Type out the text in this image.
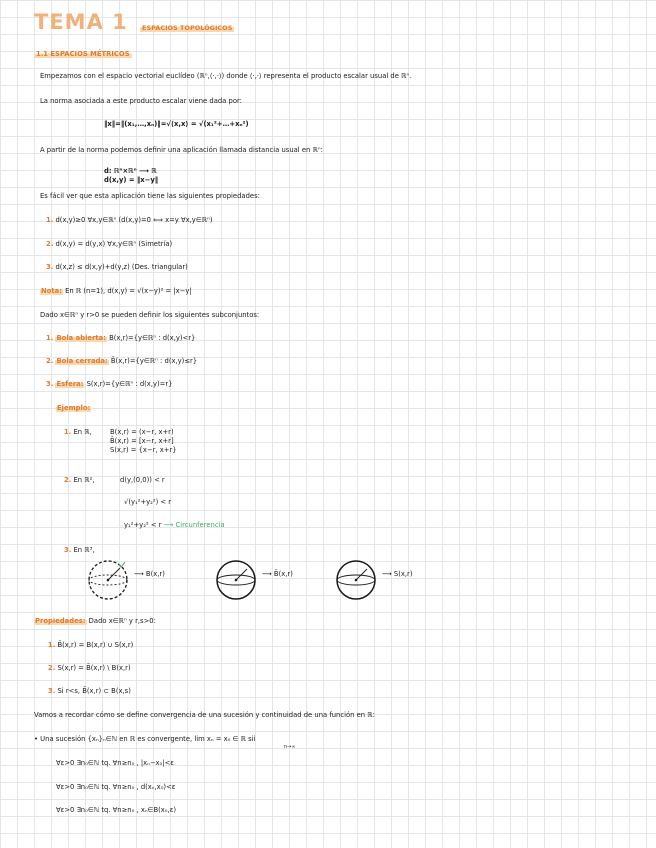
TEMA 1	ESPACIOS TOPOLÓGICOS
1.1 ESPACIOS MÉTRICOS
Empezamos con el espacio vectorial euclídeo (ℝⁿ,⟨·,·⟩) donde ⟨·,·⟩ representa el producto escalar usual de ℝⁿ.
La norma asociada a este producto escalar viene dada por:
‖x‖=‖(x₁,…,xₙ)‖=√⟨x,x⟩ = √(x₁²+…+xₙ²)
A partir de la norma podemos definir una aplicación llamada distancia usual en ℝⁿ:
d: ℝⁿ×ℝⁿ ⟶ ℝ
d(x,y) = ‖x−y‖
Es fácil ver que esta aplicación tiene las siguientes propiedades:
1. d(x,y)≥0 ∀x,y∈ℝⁿ (d(x,y)=0 ⟺ x=y ∀x,y∈ℝⁿ)
2. d(x,y) = d(y,x) ∀x,y∈ℝⁿ (Simetría)
3. d(x,z) ≤ d(x,y)+d(y,z) (Des. triangular)
Nota: En ℝ (n=1), d(x,y) = √(x−y)² = |x−y|
Dado x∈ℝⁿ y r>0 se pueden definir los siguientes subconjuntos:
1. Bola abierta: B(x,r)={y∈ℝⁿ : d(x,y)<r}
2. Bola cerrada: B̄(x,r)={y∈ℝⁿ : d(x,y)≤r}
3. Esfera: S(x,r)={y∈ℝⁿ : d(x,y)=r}
Ejemplo:
1. En ℝ,	B(x,r) = (x−r, x+r)
B̄(x,r) = [x−r, x+r]
S(x,r) = {x−r, x+r}
2. En ℝ²,	d(y,(0,0)) < r
√(y₁²+y₂²) < r
y₁²+y₂² < r ⟶ Circunferencia
3. En ℝ³,
⟶ B(x,r)	⟶ B̄(x,r)	⟶ S(x,r)
Propiedades: Dado x∈ℝⁿ y r,s>0:
1. B̄(x,r) = B(x,r) ∪ S(x,r)
2. S(x,r) = B̄(x,r) \ B(x,r)
3. Si r<s, B̄(x,r) ⊂ B(x,s)
Vamos a recordar cómo se define convergencia de una sucesión y continuidad de una función en ℝ:
• Una sucesión {xₙ}ₙ∈ℕ en ℝ es convergente, lim xₙ = x₀ ∈ ℝ sii
n→∞
∀ε>0 ∃n₀∈ℕ tq. ∀n≥n₀ , |xₙ−x₀|<ε
∀ε>0 ∃n₀∈ℕ tq. ∀n≥n₀ , d(xₙ,x₀)<ε
∀ε>0 ∃n₀∈ℕ tq. ∀n≥n₀ , xₙ∈B(x₀,ε)
